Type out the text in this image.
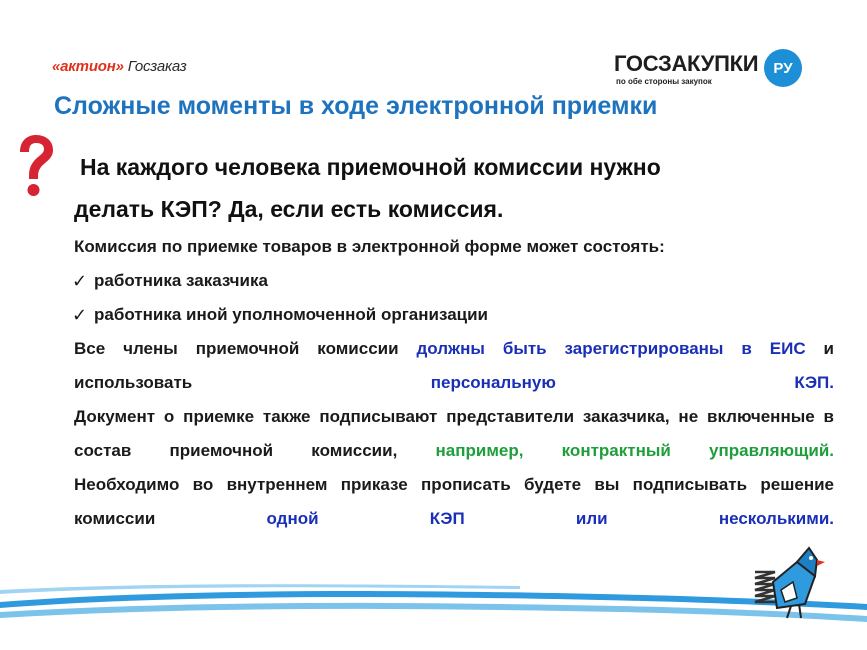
«актион» Госзаказ	ГОСЗАКУПКИ	РУ
по обе стороны закупок
Сложные моменты в ходе электронной приемки
На каждого человека приемочной комиссии нужно
делать КЭП? Да, если есть комиссия.
Комиссия по приемке товаров в электронной форме может состоять:
✓ работника заказчика
✓ работника иной уполномоченной организации
Все члены приемочной комиссии должны быть зарегистрированы в ЕИС и использовать персональную КЭП.
Документ о приемке также подписывают представители заказчика, не включенные в состав приемочной комиссии, например, контрактный управляющий.
Необходимо во внутреннем приказе прописать будете вы подписывать решение комиссии одной КЭП или несколькими.
